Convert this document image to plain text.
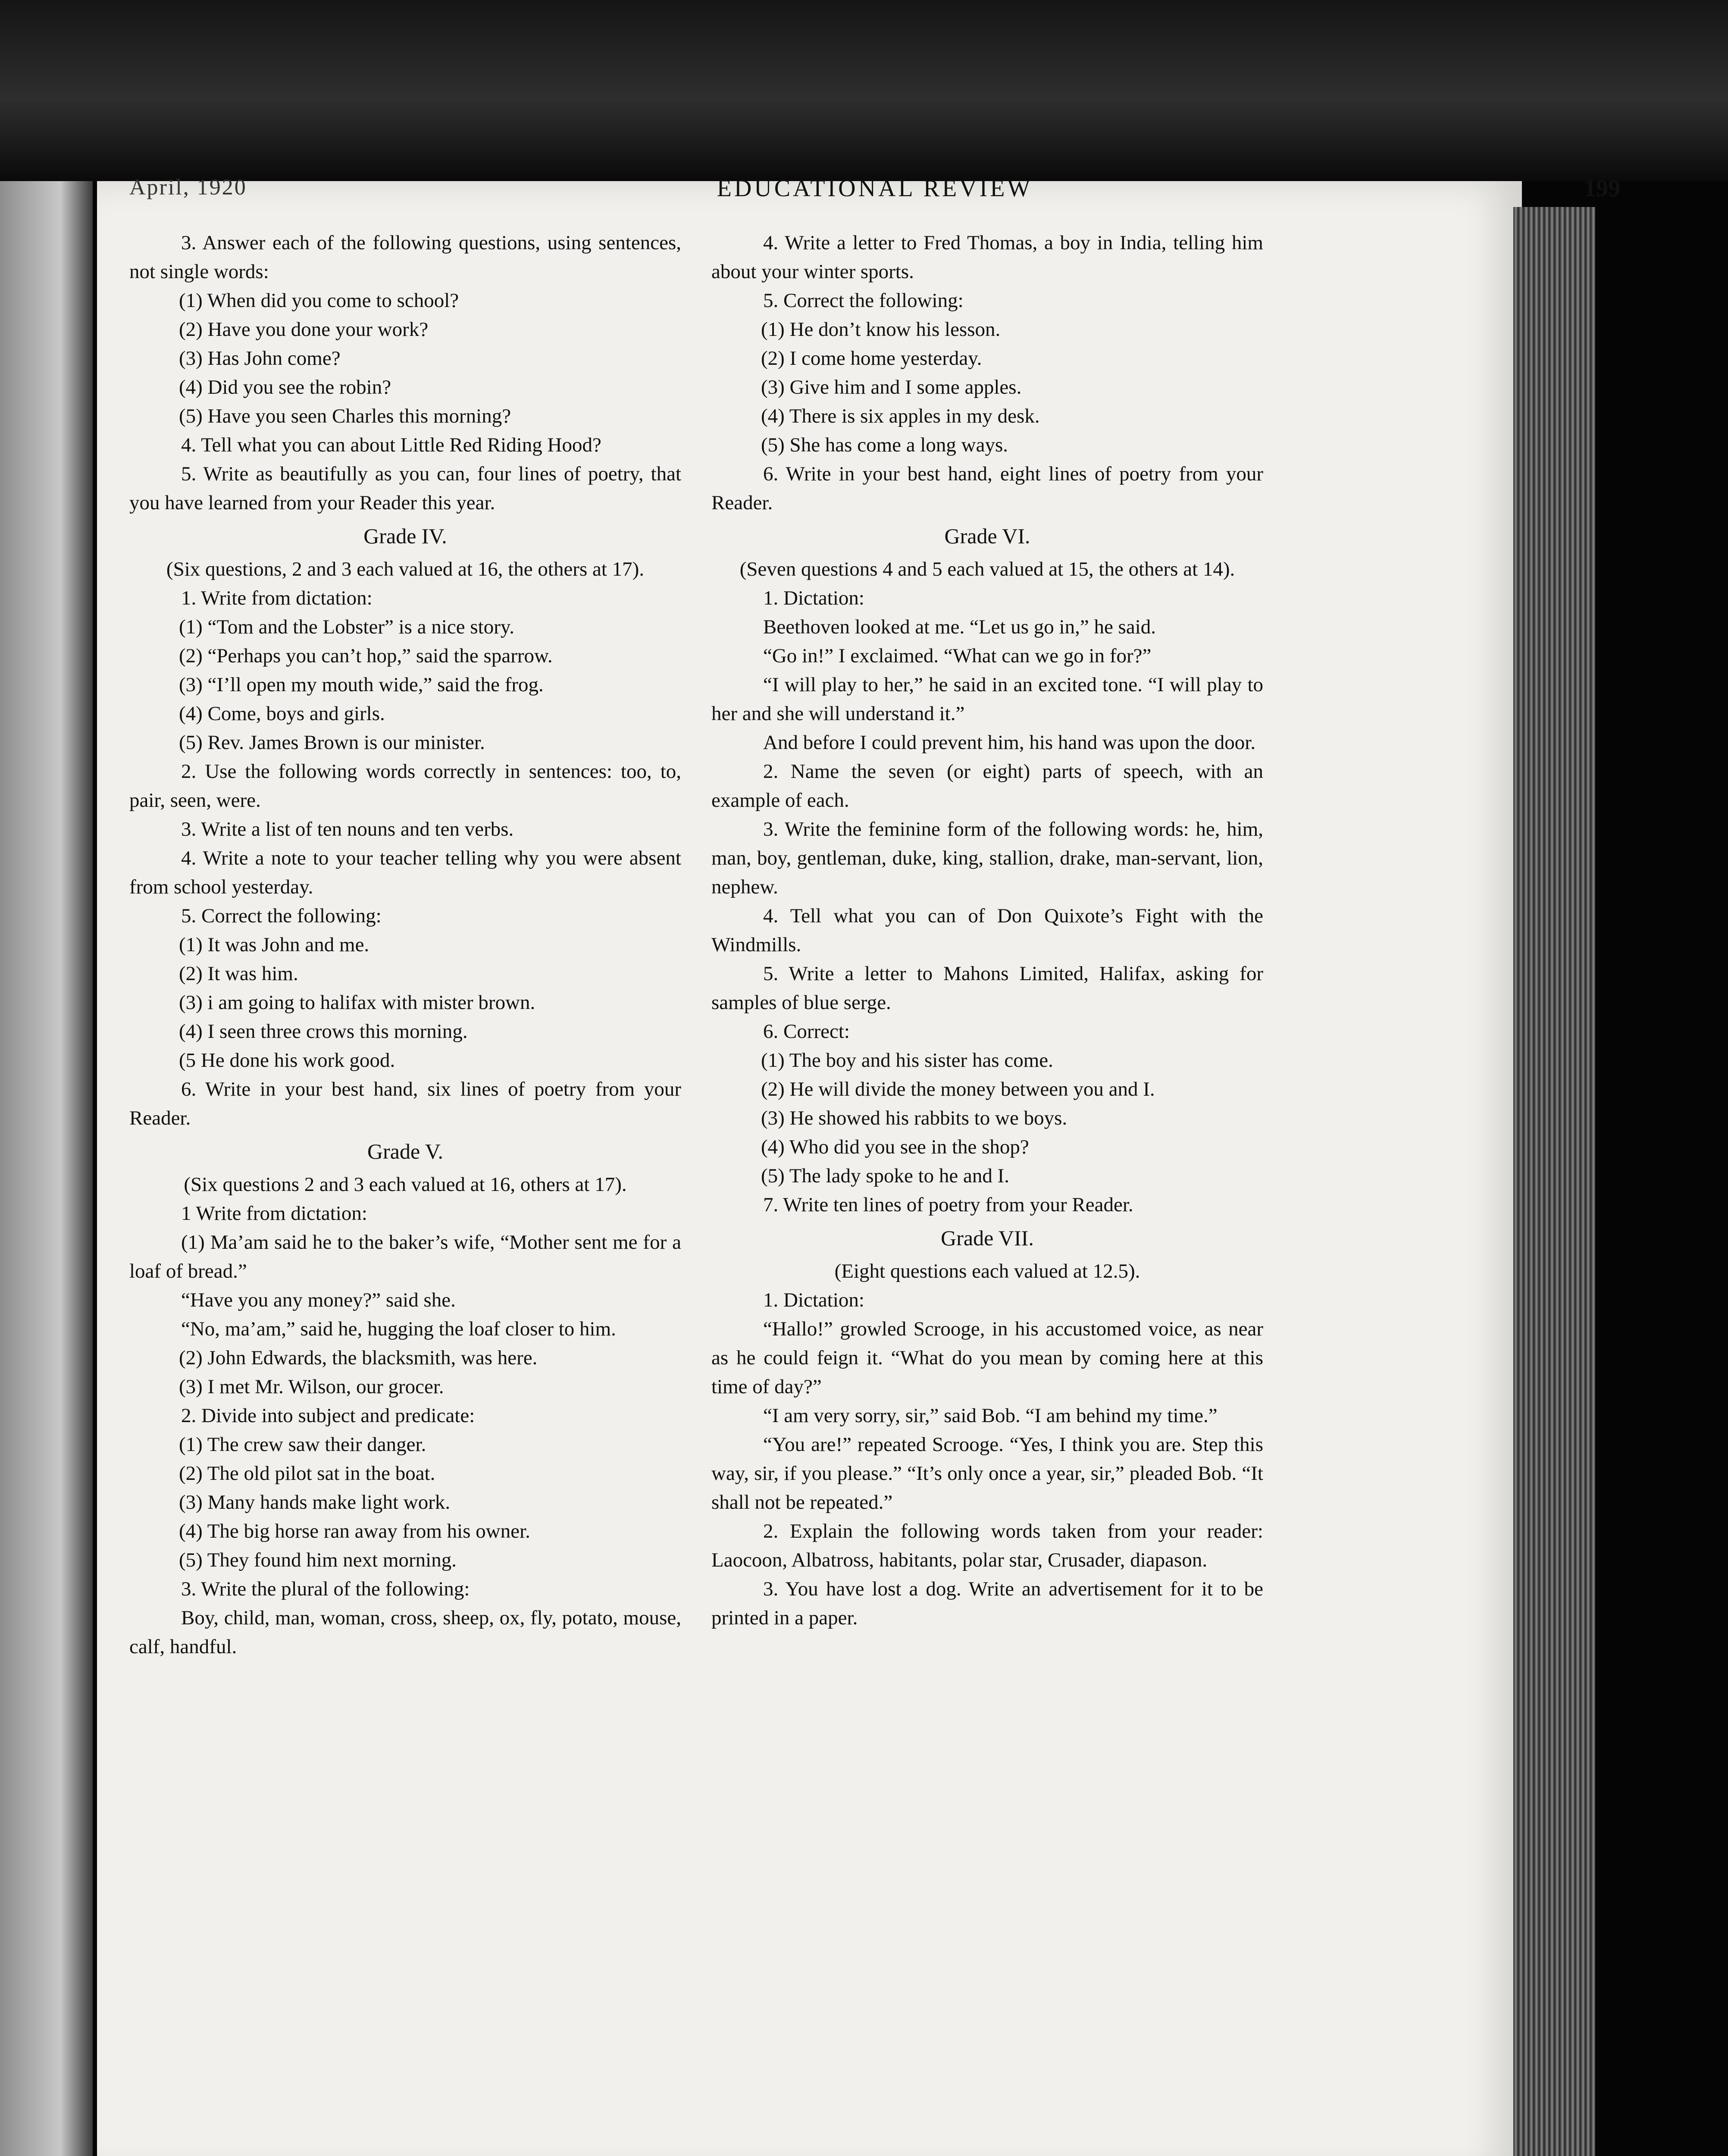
April, 1920	EDUCATIONAL REVIEW	199

3. Answer each of the following questions, using sentences, not single words:

(1) When did you come to school?

(2) Have you done your work?

(3) Has John come?

(4) Did you see the robin?

(5) Have you seen Charles this morning?

4. Tell what you can about Little Red Riding Hood?

5. Write as beautifully as you can, four lines of poetry, that you have learned from your Reader this year.

Grade IV.

(Six questions, 2 and 3 each valued at 16, the others at 17).

1. Write from dictation:

(1) “Tom and the Lobster” is a nice story.

(2) “Perhaps you can’t hop,” said the sparrow.

(3) “I’ll open my mouth wide,” said the frog.

(4) Come, boys and girls.

(5) Rev. James Brown is our minister.

2. Use the following words correctly in sentences: too, to, pair, seen, were.

3. Write a list of ten nouns and ten verbs.

4. Write a note to your teacher telling why you were absent from school yesterday.

5. Correct the following:

(1) It was John and me.

(2) It was him.

(3) i am going to halifax with mister brown.

(4) I seen three crows this morning.

(5 He done his work good.

6. Write in your best hand, six lines of poetry from your Reader.

Grade V.

(Six questions 2 and 3 each valued at 16, others at 17).

1 Write from dictation:

(1) Ma’am said he to the baker’s wife, “Mother sent me for a loaf of bread.”

“Have you any money?” said she.

“No, ma’am,” said he, hugging the loaf closer to him.

(2) John Edwards, the blacksmith, was here.

(3) I met Mr. Wilson, our grocer.

2. Divide into subject and predicate:

(1) The crew saw their danger.

(2) The old pilot sat in the boat.

(3) Many hands make light work.

(4) The big horse ran away from his owner.

(5) They found him next morning.

3. Write the plural of the following:

Boy, child, man, woman, cross, sheep, ox, fly, potato, mouse, calf, handful.

4. Write a letter to Fred Thomas, a boy in India, telling him about your winter sports.

5. Correct the following:

(1) He don’t know his lesson.

(2) I come home yesterday.

(3) Give him and I some apples.

(4) There is six apples in my desk.

(5) She has come a long ways.

6. Write in your best hand, eight lines of poetry from your Reader.

Grade VI.

(Seven questions 4 and 5 each valued at 15, the others at 14).

1. Dictation:

Beethoven looked at me. “Let us go in,” he said.

“Go in!” I exclaimed. “What can we go in for?”

“I will play to her,” he said in an excited tone. “I will play to her and she will understand it.”

And before I could prevent him, his hand was upon the door.

2. Name the seven (or eight) parts of speech, with an example of each.

3. Write the feminine form of the following words: he, him, man, boy, gentleman, duke, king, stallion, drake, man-servant, lion, nephew.

4. Tell what you can of Don Quixote’s Fight with the Windmills.

5. Write a letter to Mahons Limited, Halifax, asking for samples of blue serge.

6. Correct:

(1) The boy and his sister has come.

(2) He will divide the money between you and I.

(3) He showed his rabbits to we boys.

(4) Who did you see in the shop?

(5) The lady spoke to he and I.

7. Write ten lines of poetry from your Reader.

Grade VII.

(Eight questions each valued at 12.5).

1. Dictation:

“Hallo!” growled Scrooge, in his accustomed voice, as near as he could feign it. “What do you mean by coming here at this time of day?”

“I am very sorry, sir,” said Bob. “I am behind my time.”

“You are!” repeated Scrooge. “Yes, I think you are. Step this way, sir, if you please.” “It’s only once a year, sir,” pleaded Bob. “It shall not be repeated.”

2. Explain the following words taken from your reader: Laocoon, Albatross, habitants, polar star, Crusader, diapason.

3. You have lost a dog. Write an advertisement for it to be printed in a paper.
